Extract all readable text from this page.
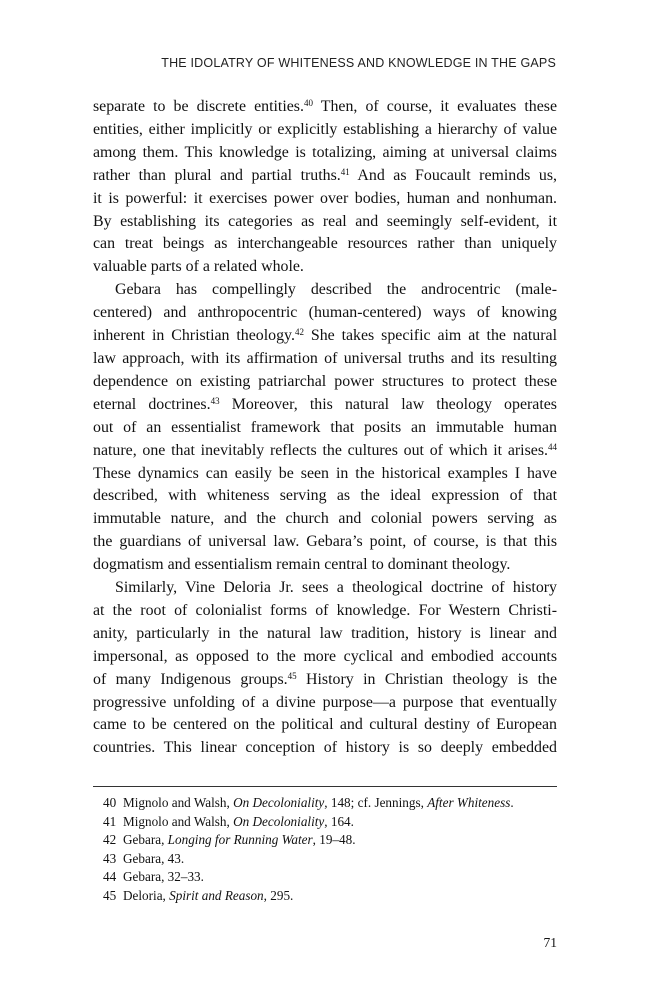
THE IDOLATRY OF WHITENESS AND KNOWLEDGE IN THE GAPS
separate to be discrete entities.$^{40}$ Then, of course, it evaluates these
entities, either implicitly or explicitly establishing a hierarchy of value
among them. This knowledge is totalizing, aiming at universal claims
rather than plural and partial truths.$^{41}$ And as Foucault reminds us,
it is powerful: it exercises power over bodies, human and nonhuman.
By establishing its categories as real and seemingly self-evident, it
can treat beings as interchangeable resources rather than uniquely
valuable parts of a related whole.
Gebara has compellingly described the androcentric (male-
centered) and anthropocentric (human-centered) ways of knowing
inherent in Christian theology.$^{42}$ She takes specific aim at the natural
law approach, with its affirmation of universal truths and its resulting
dependence on existing patriarchal power structures to protect these
eternal doctrines.$^{43}$ Moreover, this natural law theology operates
out of an essentialist framework that posits an immutable human
nature, one that inevitably reflects the cultures out of which it arises.$^{44}$
These dynamics can easily be seen in the historical examples I have
described, with whiteness serving as the ideal expression of that
immutable nature, and the church and colonial powers serving as
the guardians of universal law. Gebara’s point, of course, is that this
dogmatism and essentialism remain central to dominant theology.
Similarly, Vine Deloria Jr. sees a theological doctrine of history
at the root of colonialist forms of knowledge. For Western Christi-
anity, particularly in the natural law tradition, history is linear and
impersonal, as opposed to the more cyclical and embodied accounts
of many Indigenous groups.$^{45}$ History in Christian theology is the
progressive unfolding of a divine purpose—a purpose that eventually
came to be centered on the political and cultural destiny of European
countries. This linear conception of history is so deeply embedded
40 Mignolo and Walsh, On Decoloniality, 148; cf. Jennings, After Whiteness.
41 Mignolo and Walsh, On Decoloniality, 164.
42 Gebara, Longing for Running Water, 19–48.
43 Gebara, 43.
44 Gebara, 32–33.
45 Deloria, Spirit and Reason, 295.
71
